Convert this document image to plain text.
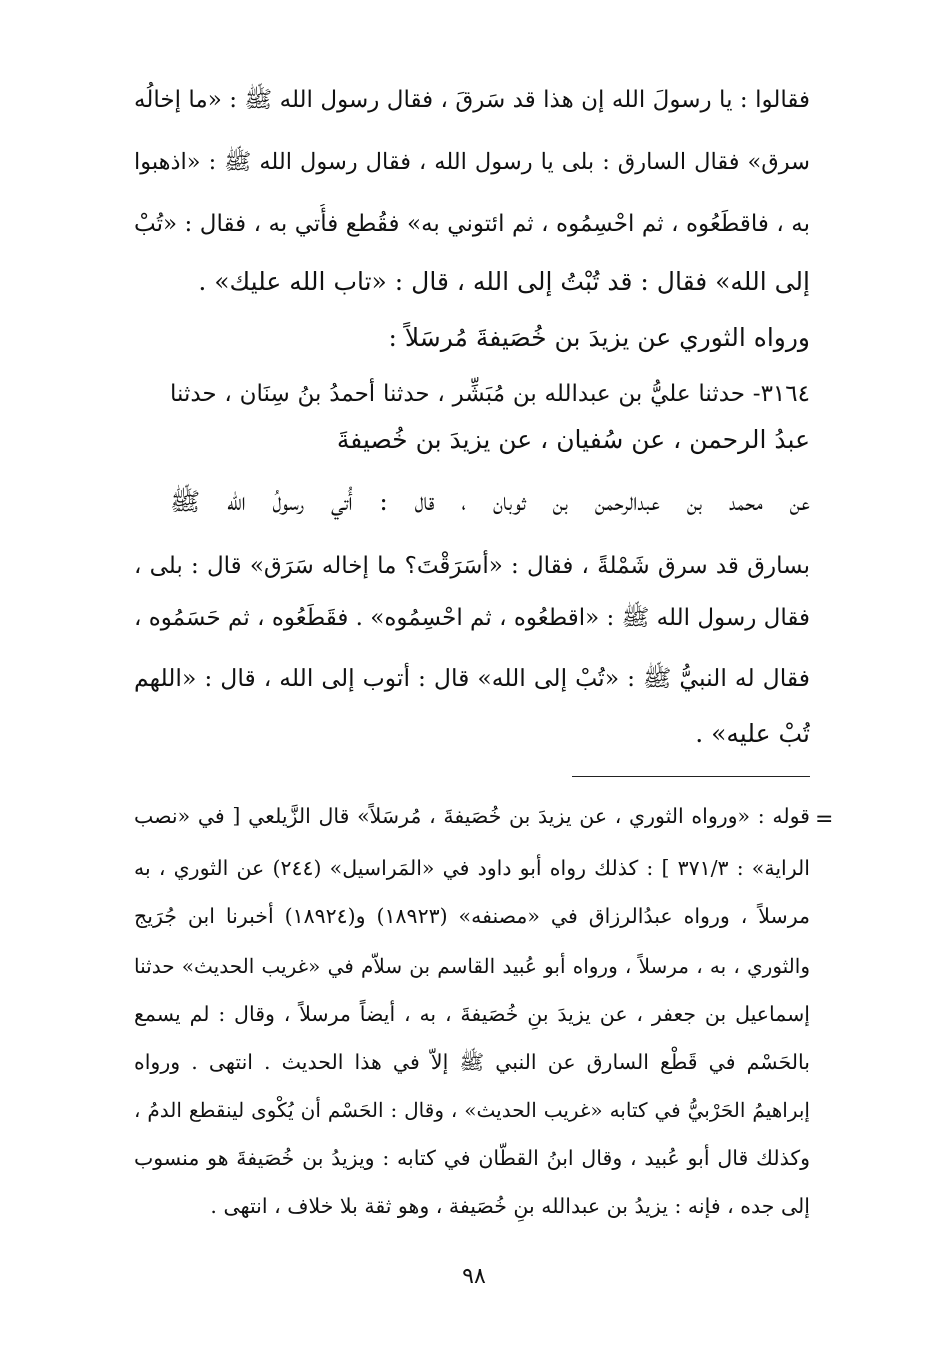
فقالوا : يا رسولَ الله إن هذا قد سَرقَ ، فقال رسول الله ﷺ : «ما إخالُه
سرق» فقال السارق : بلى يا رسول الله ، فقال رسول الله ﷺ : «اذهبوا
به ، فاقطَعُوه ، ثم احْسِمُوه ، ثم ائتوني به» فقُطع فأُتي به ، فقال : «تُبْ
إلى الله» فقال : قد تُبْتُ إلى الله ، قال : «تاب الله عليك» .
ورواه الثوري عن يزيدَ بن خُصَيفةَ مُرسَلاً :
٣١٦٤- حدثنا عليُّ بن عبدالله بن مُبَشِّر ، حدثنا أحمدُ بنُ سِنَان ، حدثنا
عبدُ الرحمن ، عن سُفيان ، عن يزيدَ بن خُصيفةَ
عن محمد بن عبدالرحمن بن ثوبان ، قال : أُتي رسولُ الله ﷺ
بسارق قد سرق شَمْلةً ، فقال : «أسَرَقْتَ؟ ما إخاله سَرَق» قال : بلى ،
فقال رسول الله ﷺ : «اقطعُوه ، ثم احْسِمُوه» . فقَطَعُوه ، ثم حَسَمُوه ،
فقال له النبيُّ ﷺ : «تُبْ إلى الله» قال : أتوب إلى الله ، قال : «اللهم
تُبْ عليه» .
=
قوله : «ورواه الثوري ، عن يزيدَ بن خُصَيفةَ ، مُرسَلاً» قال الزَّيلعي [ في «نصب
الراية» : ٣٧١/٣ ] : كذلك رواه أبو داود في «المَراسيل» (٢٤٤) عن الثوري ، به
مرسلاً ، ورواه عبدُالرزاق في «مصنفه» (١٨٩٢٣) و(١٨٩٢٤) أخبرنا ابن جُرَيج
والثوري ، به ، مرسلاً ، ورواه أبو عُبيد القاسم بن سلاّم في «غريب الحديث» حدثنا
إسماعيل بن جعفر ، عن يزيدَ بنِ خُصَيفةَ ، به ، أيضاً مرسلاً ، وقال : لم يسمع
بالحَسْم في قَطْع السارق عن النبي ﷺ إلاّ في هذا الحديث . انتهى . ورواه
إبراهيمُ الحَرْبيُّ في كتابه «غريب الحديث» ، وقال : الحَسْم أن يُكْوى لينقطع الدمُ ،
وكذلك قال أبو عُبيد ، وقال ابنُ القطّان في كتابه : ويزيدُ بن خُصَيفةَ هو منسوب
إلى جده ، فإنه : يزيدُ بن عبدالله بنِ خُصَيفة ، وهو ثقة بلا خلاف ، انتهى .
٩٨
